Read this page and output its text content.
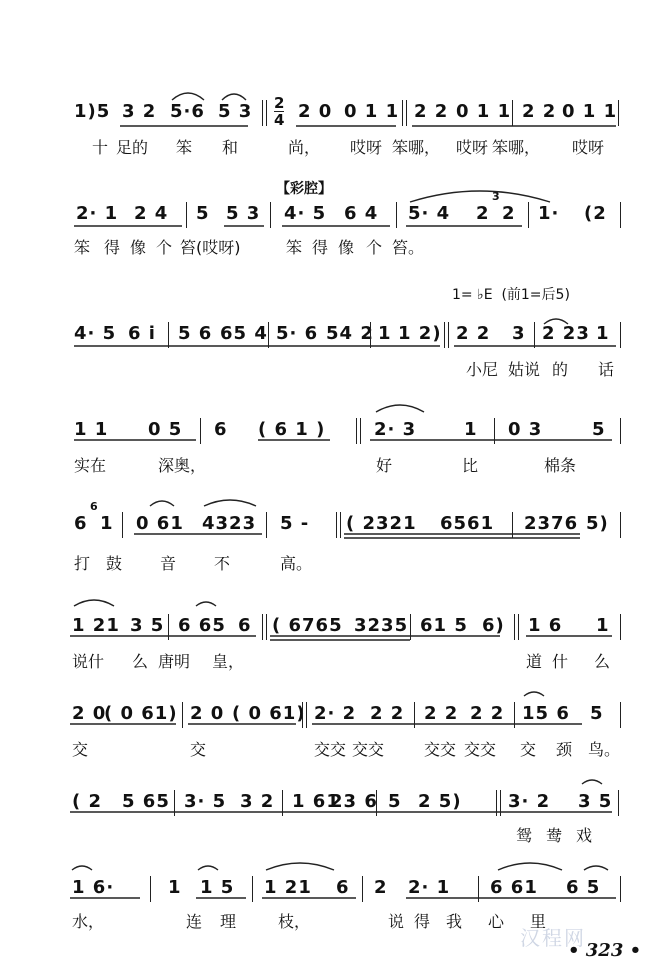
1)5 3 2 5·6 5 3 2
4 2 0 0 1 1 2 2 0 1 1 2 2 0 1 1
十 足的 笨 和	尚， 哎呀 笨哪， 哎呀 笨哪， 哎呀
【彩腔】
2· 1 2 4 5 5 3 4· 5 6 4 5· 4 2
3
2 1· (2
笨 得 像 个 笞(哎呀)	笨 得 像 个 笞。
1= ♭E  (前1=后5)
4· 5 6 i 5 6 65 4 5· 6 54 2 1 1 2) 2 2 3 2 23 1
小尼 姑说 的 话
1 1 0 5 6 ( 6 1 )	2· 3	1 0 3	5
实在	深奥，	好	比	棉条
6
6
1 0 61 4323 5 - ( 2321 6561 2376 5)
打 鼓 音 不	高。
1 21 3 5 6 65 6 ( 6765 3235 61 5 6) 1 6 1
说什 么 唐明 皇，	道 什 么
2 0
( 0 61) 2 0 ( 0 61) 2· 2 2 2 2 2 2 2 15 6 5
交	交	交交 交交 交交 交交 交 颈 鸟。
( 2 5 65 3· 5 3 2 1 61
23 6 5 2 5)	3· 2 3 5
鸳 鸯 戏
1 6·	1 1 5 1 21 6 2 2· 1 6 61 6 5
水，	连 理	枝，	说 得 我 心 里
汉程网
• 323 •
